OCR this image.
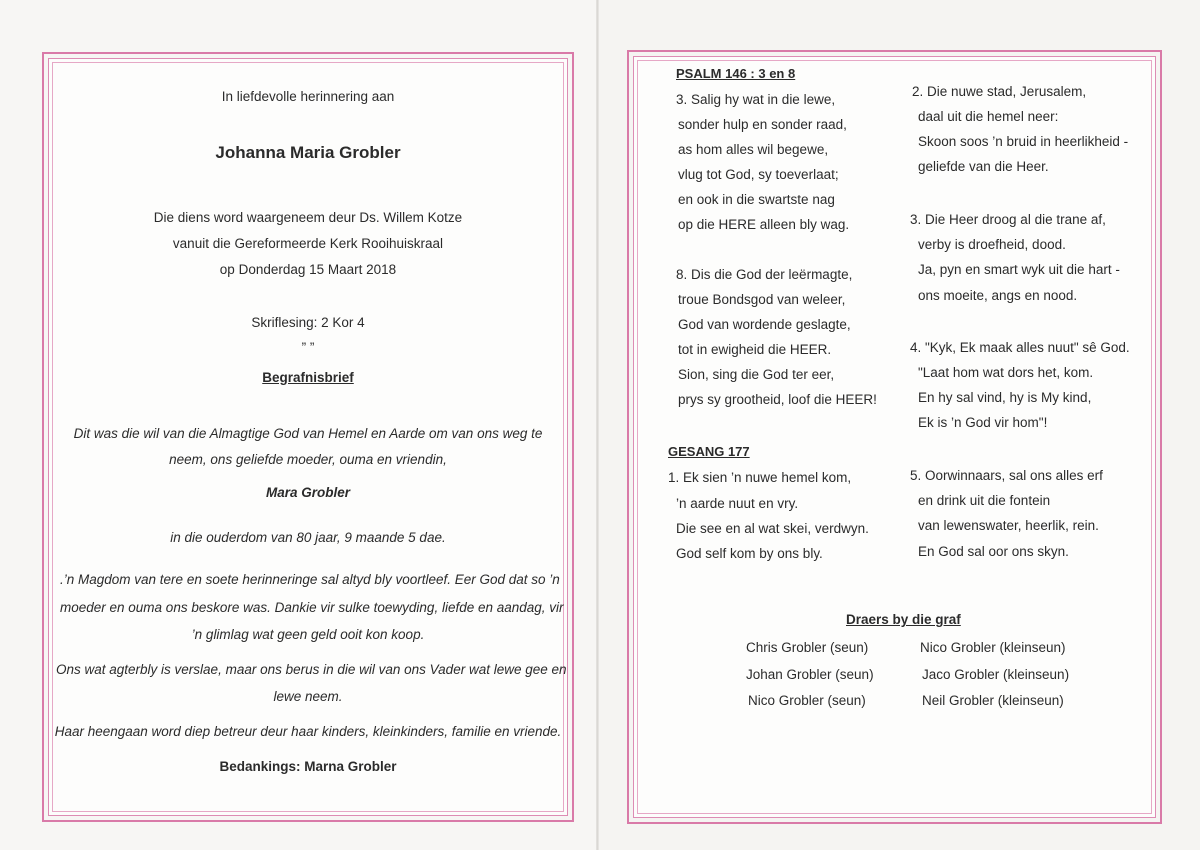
In liefdevolle herinnering aan
Johanna Maria Grobler
Die diens word waargeneem deur Ds. Willem Kotze
vanuit die Gereformeerde Kerk Rooihuiskraal
op Donderdag 15 Maart 2018
Skriflesing: 2 Kor 4
” ”
Begrafnisbrief
Dit was die wil van die Almagtige God van Hemel en Aarde om van ons weg te
neem, ons geliefde moeder, ouma en vriendin,
Mara Grobler
in die ouderdom van 80 jaar, 9 maande 5 dae.
.’n Magdom van tere en soete herinneringe sal altyd bly voortleef. Eer God dat so ’n
moeder en ouma ons beskore was. Dankie vir sulke toewyding, liefde en aandag, vir
’n glimlag wat geen geld ooit kon koop.
Ons wat agterbly is verslae, maar ons berus in die wil van ons Vader wat lewe gee en
lewe neem.
Haar heengaan word diep betreur deur haar kinders, kleinkinders, familie en vriende.
Bedankings: Marna Grobler
PSALM 146 : 3 en 8
3. Salig hy wat in die lewe,
sonder hulp en sonder raad,
as hom alles wil begewe,
vlug tot God, sy toeverlaat;
en ook in die swartste nag
op die HERE alleen bly wag.
8. Dis die God der leërmagte,
troue Bondsgod van weleer,
God van wordende geslagte,
tot in ewigheid die HEER.
Sion, sing die God ter eer,
prys sy grootheid, loof die HEER!
GESANG 177
1. Ek sien ’n nuwe hemel kom,
’n aarde nuut en vry.
Die see en al wat skei, verdwyn.
God self kom by ons bly.
2. Die nuwe stad, Jerusalem,
daal uit die hemel neer:
Skoon soos ’n bruid in heerlikheid -
geliefde van die Heer.
3. Die Heer droog al die trane af,
verby is droefheid, dood.
Ja, pyn en smart wyk uit die hart -
ons moeite, angs en nood.
4. "Kyk, Ek maak alles nuut" sê God.
"Laat hom wat dors het, kom.
En hy sal vind, hy is My kind,
Ek is ’n God vir hom"!
5. Oorwinnaars, sal ons alles erf
en drink uit die fontein
van lewenswater, heerlik, rein.
En God sal oor ons skyn.
Draers by die graf
Chris Grobler (seun)
Johan Grobler (seun)
Nico Grobler (seun)
Nico Grobler (kleinseun)
Jaco Grobler (kleinseun)
Neil Grobler (kleinseun)
